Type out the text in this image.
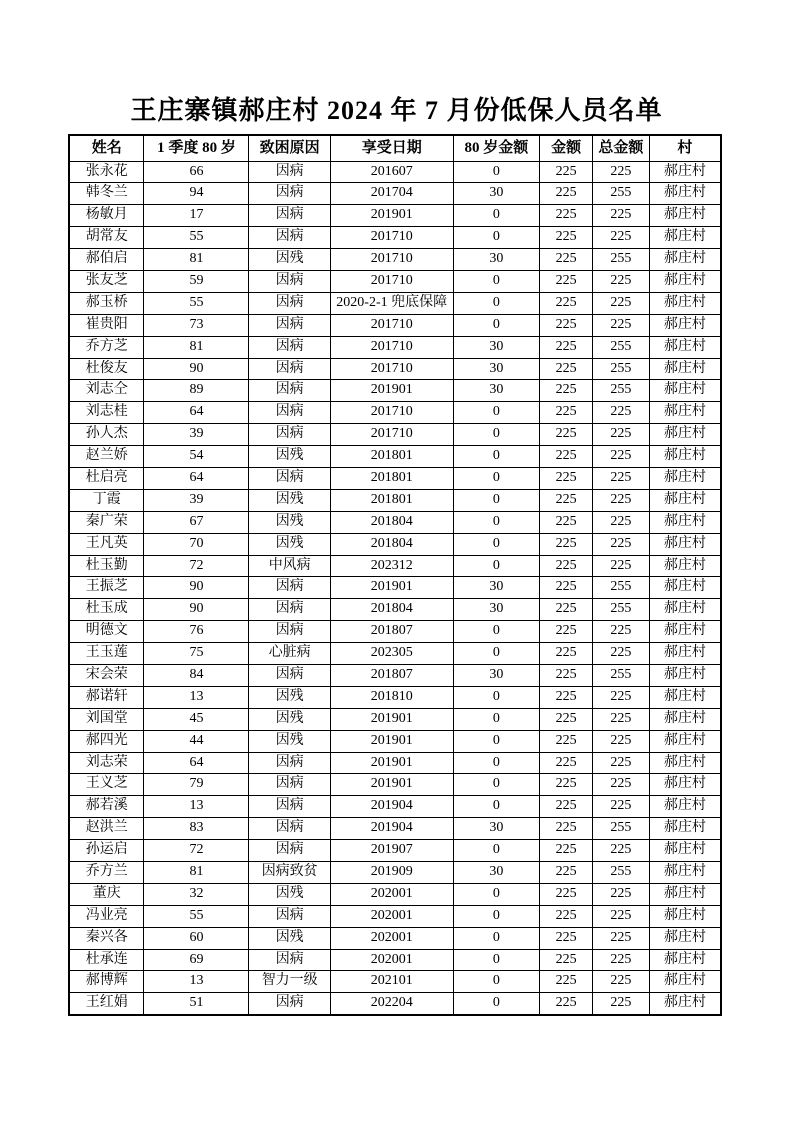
王庄寨镇郝庄村 2024 年 7 月份低保人员名单
姓名	1 季度 80 岁	致困原因	享受日期	80 岁金额	金额	总金额	村
张永花	66	因病	201607	0	225	225	郝庄村
韩冬兰	94	因病	201704	30	225	255	郝庄村
杨敏月	17	因病	201901	0	225	225	郝庄村
胡常友	55	因病	201710	0	225	225	郝庄村
郝伯启	81	因残	201710	30	225	255	郝庄村
张友芝	59	因病	201710	0	225	225	郝庄村
郝玉桥	55	因病	2020-2-1 兜底保障	0	225	225	郝庄村
崔贵阳	73	因病	201710	0	225	225	郝庄村
乔方芝	81	因病	201710	30	225	255	郝庄村
杜俊友	90	因病	201710	30	225	255	郝庄村
刘志仝	89	因病	201901	30	225	255	郝庄村
刘志桂	64	因病	201710	0	225	225	郝庄村
孙人杰	39	因病	201710	0	225	225	郝庄村
赵兰娇	54	因残	201801	0	225	225	郝庄村
杜启亮	64	因病	201801	0	225	225	郝庄村
丁霞	39	因残	201801	0	225	225	郝庄村
秦广荣	67	因残	201804	0	225	225	郝庄村
王凡英	70	因残	201804	0	225	225	郝庄村
杜玉勤	72	中风病	202312	0	225	225	郝庄村
王振芝	90	因病	201901	30	225	255	郝庄村
杜玉成	90	因病	201804	30	225	255	郝庄村
明德文	76	因病	201807	0	225	225	郝庄村
王玉莲	75	心脏病	202305	0	225	225	郝庄村
宋会荣	84	因病	201807	30	225	255	郝庄村
郝诺轩	13	因残	201810	0	225	225	郝庄村
刘国堂	45	因残	201901	0	225	225	郝庄村
郝四光	44	因残	201901	0	225	225	郝庄村
刘志荣	64	因病	201901	0	225	225	郝庄村
王义芝	79	因病	201901	0	225	225	郝庄村
郝若溪	13	因病	201904	0	225	225	郝庄村
赵洪兰	83	因病	201904	30	225	255	郝庄村
孙运启	72	因病	201907	0	225	225	郝庄村
乔方兰	81	因病致贫	201909	30	225	255	郝庄村
董庆	32	因残	202001	0	225	225	郝庄村
冯业亮	55	因病	202001	0	225	225	郝庄村
秦兴各	60	因残	202001	0	225	225	郝庄村
杜承连	69	因病	202001	0	225	225	郝庄村
郝博辉	13	智力一级	202101	0	225	225	郝庄村
王红娟	51	因病	202204	0	225	225	郝庄村
